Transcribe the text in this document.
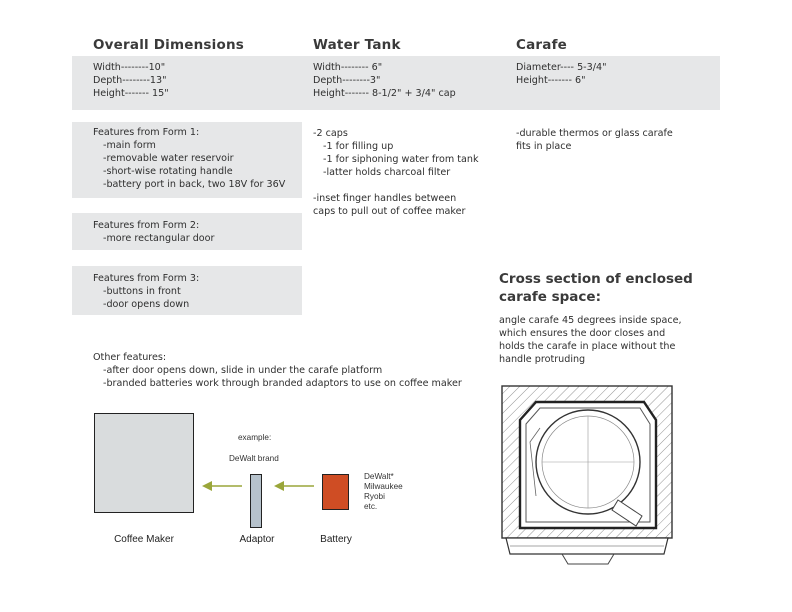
Overall Dimensions
Width--------10"
Depth--------13"
Height------- 15"
Water Tank
Width-------- 6"
Depth--------3"
Height------- 8-1/2" + 3/4" cap
Carafe
Diameter---- 5-3/4"
Height------- 6"
Features from Form 1:
-main form
-removable water reservoir
-short-wise rotating handle
-battery port in back, two 18V for 36V
Features from Form 2:
-more rectangular door
Features from Form 3:
-buttons in front
-door opens down
-2 caps
-1 for filling up
-1 for siphoning water from tank
-latter holds charcoal filter
-inset finger handles between
caps to pull out of coffee maker
-durable thermos or glass carafe
fits in place
Cross section of enclosed
carafe space:
angle carafe 45 degrees inside space,
which ensures the door closes and
holds the carafe in place without the
handle protruding
Other features:
-after door opens down, slide in under the carafe platform
-branded batteries work through branded adaptors to use on coffee maker
Coffee Maker
example:
DeWalt brand
Adaptor	Battery
DeWalt*
Milwaukee
Ryobi
etc.
